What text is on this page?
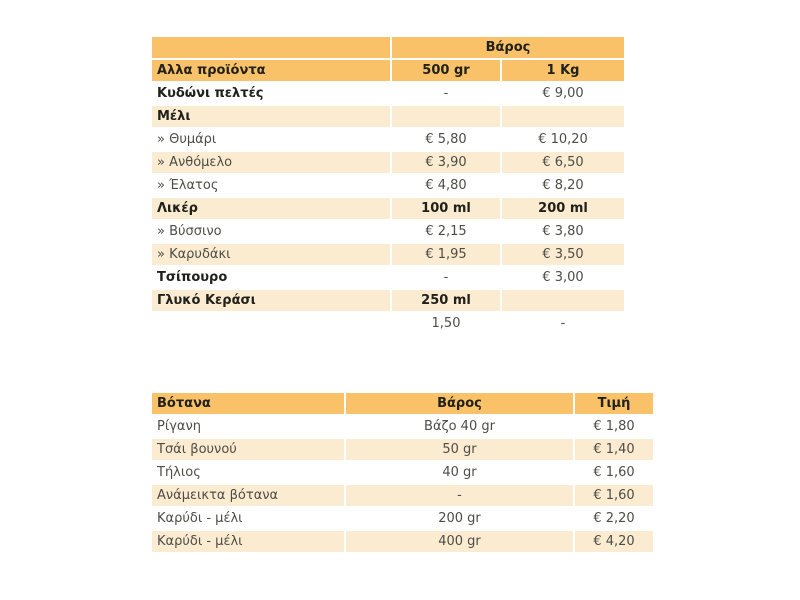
	Βάρος	
Αλλα προϊόντα	500 gr	1 Kg
Κυδώνι πελτές	-	€ 9,00
Μέλι		
» Θυμάρι	€ 5,80	€ 10,20
» Ανθόμελο	€ 3,90	€ 6,50
» Έλατος	€ 4,80	€ 8,20
Λικέρ	100 ml	200 ml
» Βύσσινο	€ 2,15	€ 3,80
» Καρυδάκι	€ 1,95	€ 3,50
Τσίπουρο	-	€ 3,00
Γλυκό Κεράσι	250 ml	
	1,50	-
Βότανα	Βάρος	Τιμή
Ρίγανη	Βάζο 40 gr	€ 1,80
Τσάι βουνού	50 gr	€ 1,40
Τήλιος	40 gr	€ 1,60
Ανάμεικτα βότανα	-	€ 1,60
Καρύδι - μέλι	200 gr	€ 2,20
Καρύδι - μέλι	400 gr	€ 4,20
